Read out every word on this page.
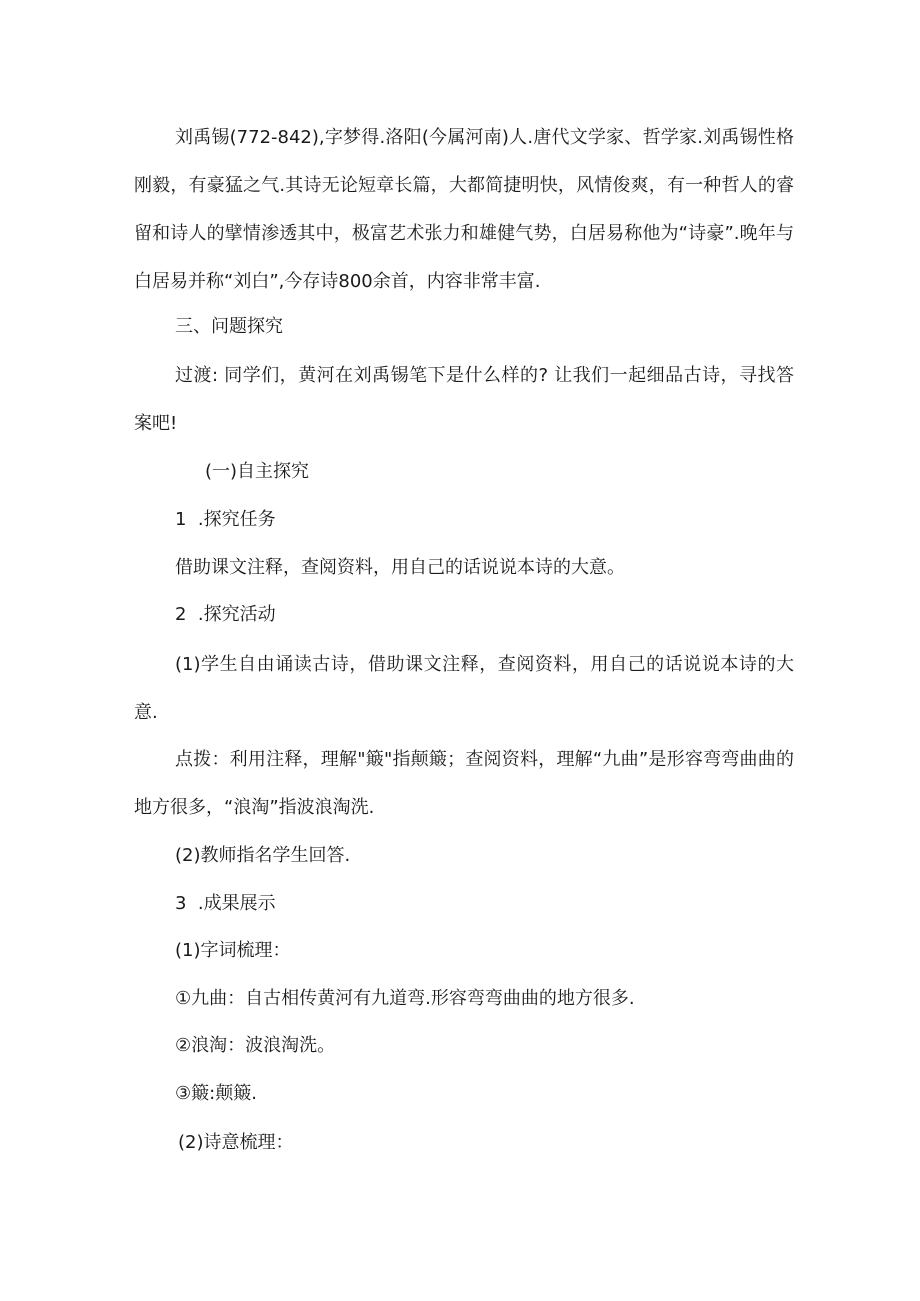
刘禹锡(772-842),字梦得.洛阳(今属河南)人.唐代文学家、哲学家.刘禹锡性格刚毅，有豪猛之气.其诗无论短章长篇，大都简捷明快，风情俊爽，有一种哲人的睿留和诗人的擘情渗透其中，极富艺术张力和雄健气势，白居易称他为“诗豪”.晚年与白居易并称“刘白”,今存诗800余首，内容非常丰富.
三、问题探究
过渡: 同学们，黄河在刘禹锡笔下是什么样的? 让我们一起细品古诗，寻找答案吧!
(一)自主探究
1  .探究任务
借助课文注释，查阅资料，用自己的话说说本诗的大意。
2  .探究活动
(1)学生自由诵读古诗，借助课文注释，查阅资料，用自己的话说说本诗的大意.
点拨：利用注释，理解"簸"指颠簸；查阅资料，理解“九曲”是形容弯弯曲曲的地方很多，“浪淘”指波浪淘洗.
(2)教师指名学生回答.
3  .成果展示
(1)字词梳理：
①九曲：自古相传黄河有九道弯.形容弯弯曲曲的地方很多.
②浪淘：波浪淘洗。
③簸:颠簸.
(2)诗意梳理：
